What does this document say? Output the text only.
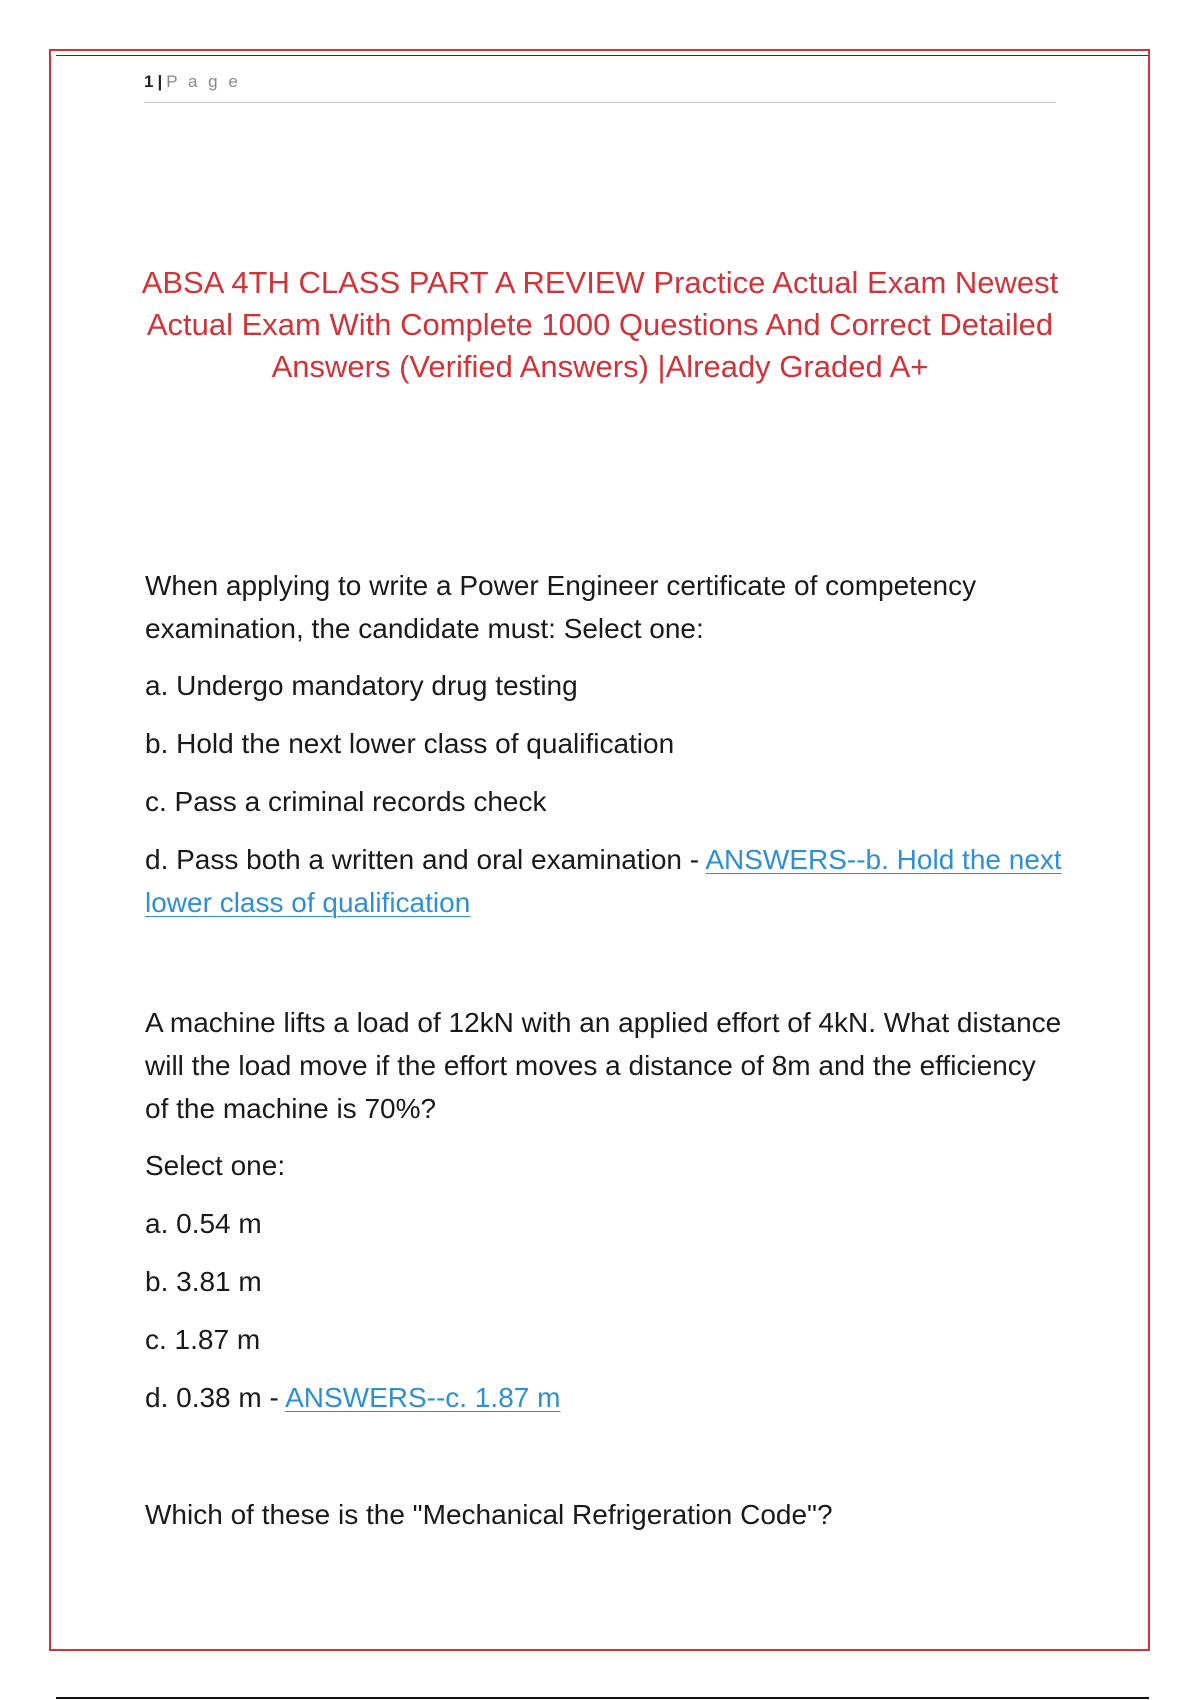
1 | P a g e
ABSA 4TH CLASS PART A REVIEW Practice Actual Exam Newest Actual Exam With Complete 1000 Questions And Correct Detailed Answers (Verified Answers) |Already Graded A+
When applying to write a Power Engineer certificate of competency examination, the candidate must: Select one:
a. Undergo mandatory drug testing
b. Hold the next lower class of qualification
c. Pass a criminal records check
d. Pass both a written and oral examination - ANSWERS--b. Hold the next lower class of qualification
A machine lifts a load of 12kN with an applied effort of 4kN. What distance will the load move if the effort moves a distance of 8m and the efficiency of the machine is 70%?
Select one:
a. 0.54 m
b. 3.81 m
c. 1.87 m
d. 0.38 m - ANSWERS--c. 1.87 m
Which of these is the "Mechanical Refrigeration Code"?
